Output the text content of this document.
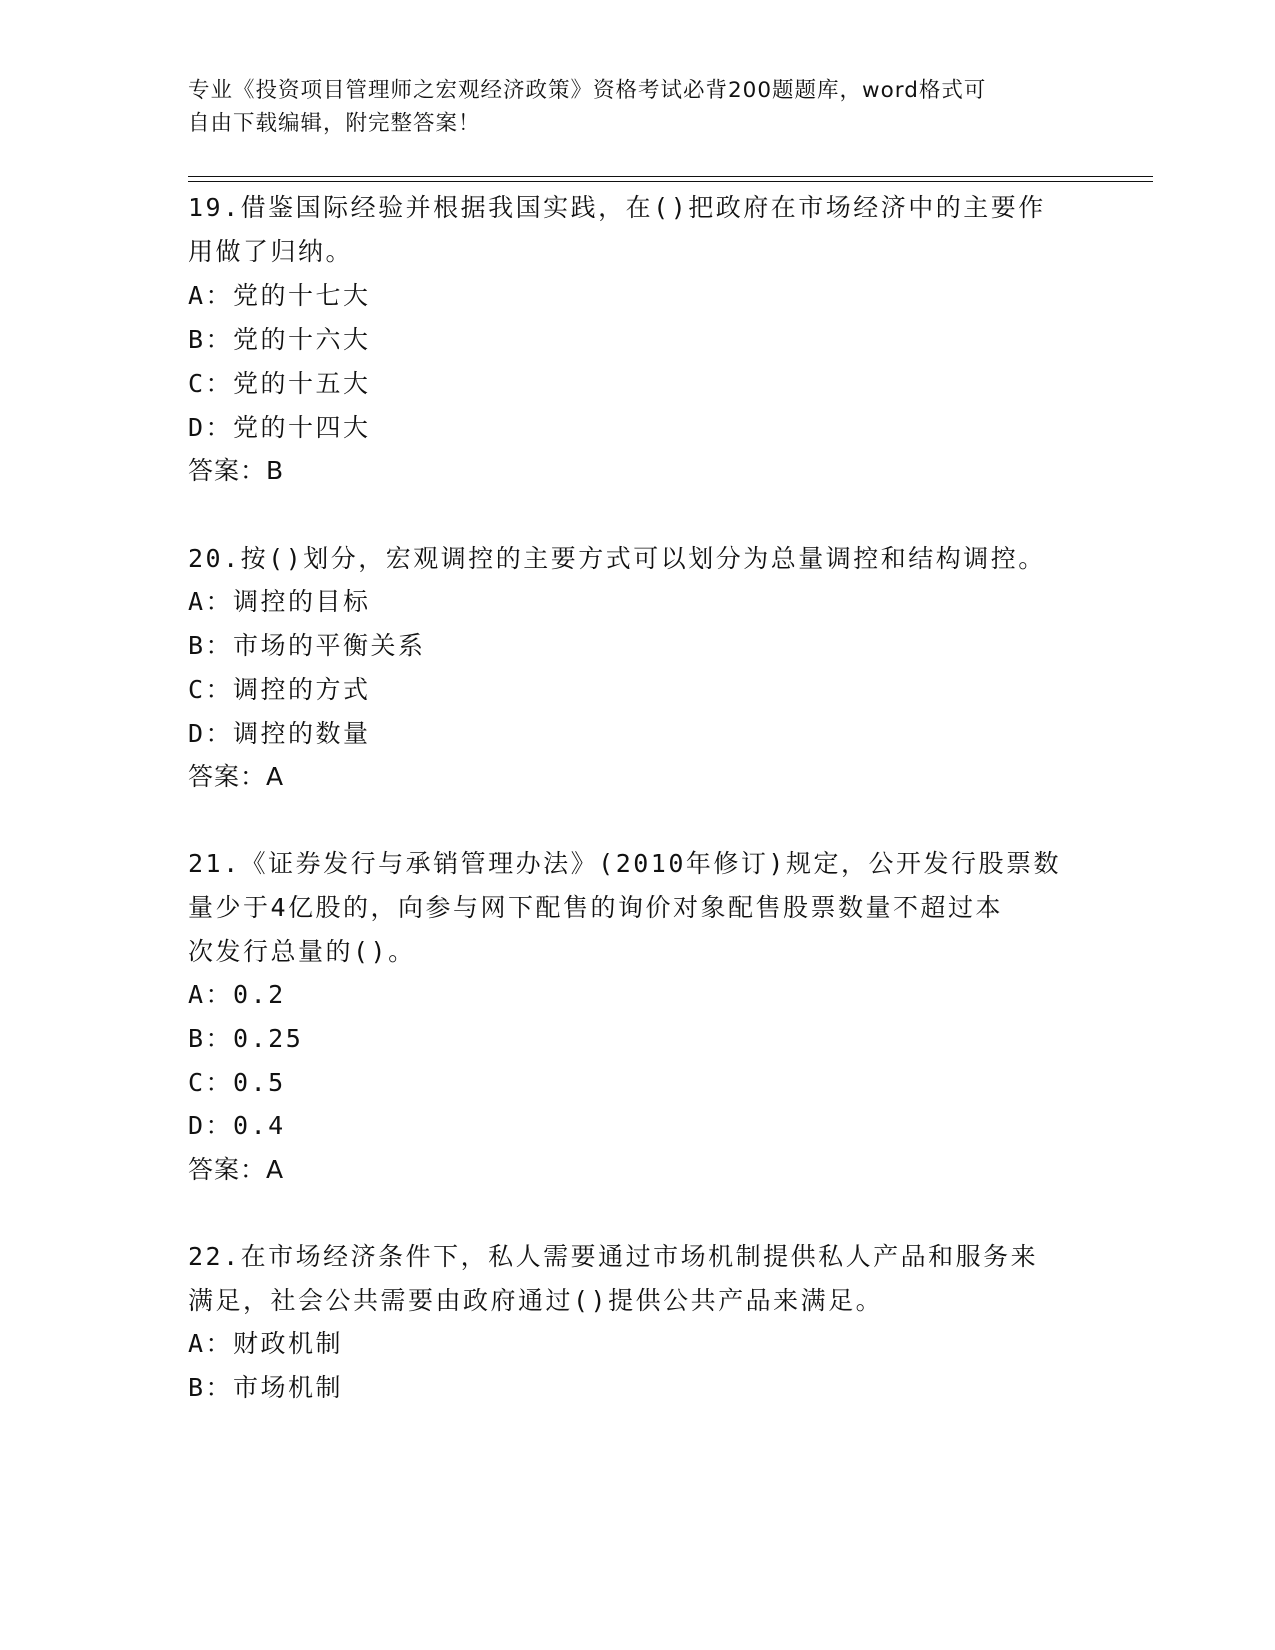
专业《投资项目管理师之宏观经济政策》资格考试必背200题题库，word格式可
自由下载编辑，附完整答案！
19.借鉴国际经验并根据我国实践，在()把政府在市场经济中的主要作
用做了归纳。
A：党的十七大
B：党的十六大
C：党的十五大
D：党的十四大
答案：B
20.按()划分，宏观调控的主要方式可以划分为总量调控和结构调控。
A：调控的目标
B：市场的平衡关系
C：调控的方式
D：调控的数量
答案：A
21.《证券发行与承销管理办法》(2010年修订)规定，公开发行股票数
量少于4亿股的，向参与网下配售的询价对象配售股票数量不超过本
次发行总量的()。
A：0.2
B：0.25
C：0.5
D：0.4
答案：A
22.在市场经济条件下，私人需要通过市场机制提供私人产品和服务来
满足，社会公共需要由政府通过()提供公共产品来满足。
A：财政机制
B：市场机制
